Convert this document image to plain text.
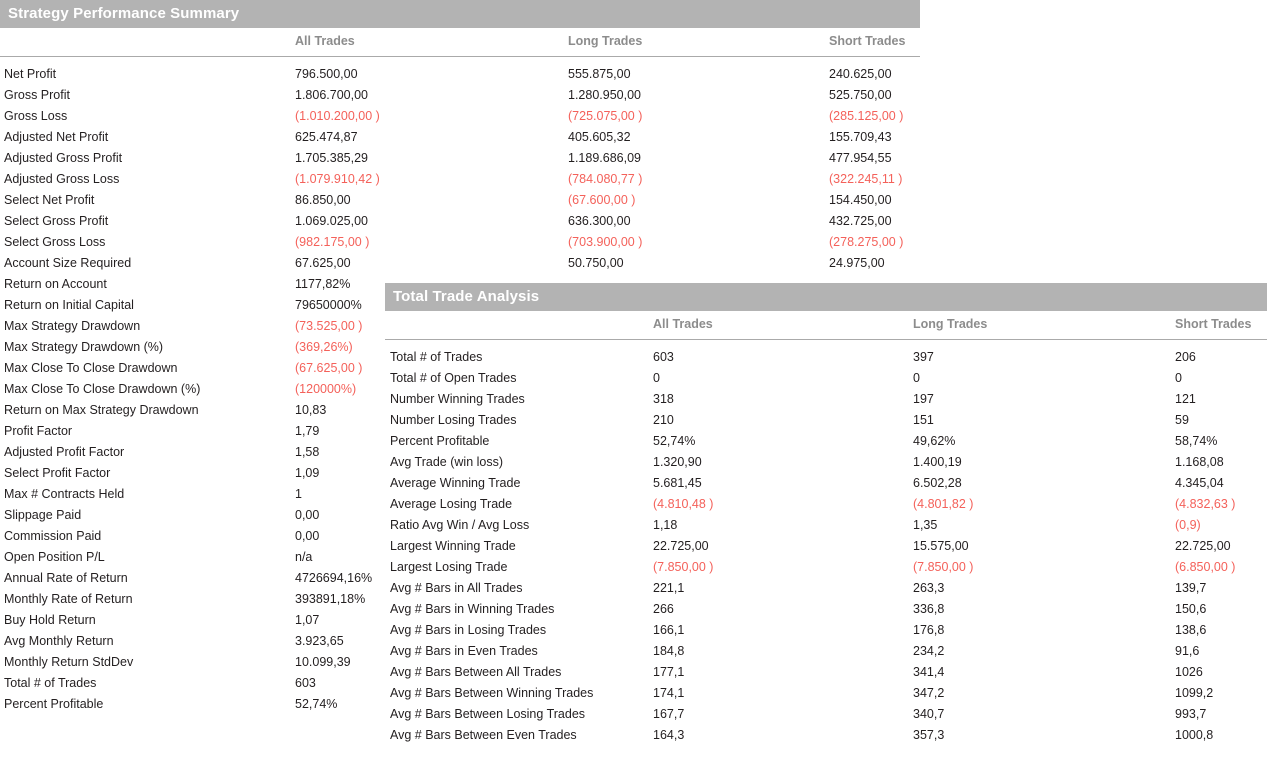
Strategy Performance Summary
All Trades	Long Trades	Short Trades
Net Profit	796.500,00	555.875,00	240.625,00
Gross Profit	1.806.700,00	1.280.950,00	525.750,00
Gross Loss	(1.010.200,00 )	(725.075,00 )	(285.125,00 )
Adjusted Net Profit	625.474,87	405.605,32	155.709,43
Adjusted Gross Profit	1.705.385,29	1.189.686,09	477.954,55
Adjusted Gross Loss	(1.079.910,42 )	(784.080,77 )	(322.245,11 )
Select Net Profit	86.850,00	(67.600,00 )	154.450,00
Select Gross Profit	1.069.025,00	636.300,00	432.725,00
Select Gross Loss	(982.175,00 )	(703.900,00 )	(278.275,00 )
Account Size Required	67.625,00	50.750,00	24.975,00
Return on Account	1177,82%
Return on Initial Capital	79650000%
Max Strategy Drawdown	(73.525,00 )
Max Strategy Drawdown (%)	(369,26%)
Max Close To Close Drawdown	(67.625,00 )
Max Close To Close Drawdown (%)	(120000%)
Return on Max Strategy Drawdown	10,83
Profit Factor	1,79
Adjusted Profit Factor	1,58
Select Profit Factor	1,09
Max # Contracts Held	1
Slippage Paid	0,00
Commission Paid	0,00
Open Position P/L	n/a
Annual Rate of Return	4726694,16%
Monthly Rate of Return	393891,18%
Buy Hold Return	1,07
Avg Monthly Return	3.923,65
Monthly Return StdDev	10.099,39
Total # of Trades	603
Percent Profitable	52,74%
Total Trade Analysis
All Trades	Long Trades	Short Trades
Total # of Trades	603	397	206
Total # of Open Trades	0	0	0
Number Winning Trades	318	197	121
Number Losing Trades	210	151	59
Percent Profitable	52,74%	49,62%	58,74%
Avg Trade (win loss)	1.320,90	1.400,19	1.168,08
Average Winning Trade	5.681,45	6.502,28	4.345,04
Average Losing Trade	(4.810,48 )	(4.801,82 )	(4.832,63 )
Ratio Avg Win / Avg Loss	1,18	1,35	(0,9)
Largest Winning Trade	22.725,00	15.575,00	22.725,00
Largest Losing Trade	(7.850,00 )	(7.850,00 )	(6.850,00 )
Avg # Bars in All Trades	221,1	263,3	139,7
Avg # Bars in Winning Trades	266	336,8	150,6
Avg # Bars in Losing Trades	166,1	176,8	138,6
Avg # Bars in Even Trades	184,8	234,2	91,6
Avg # Bars Between All Trades	177,1	341,4	1026
Avg # Bars Between Winning Trades	174,1	347,2	1099,2
Avg # Bars Between Losing Trades	167,7	340,7	993,7
Avg # Bars Between Even Trades	164,3	357,3	1000,8
